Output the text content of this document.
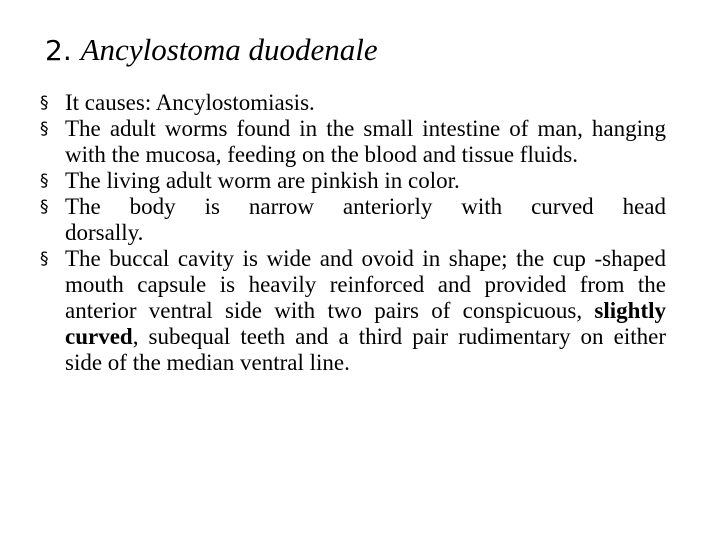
2. Ancylostoma duodenale
§ It causes: Ancylostomiasis.
§ The adult worms found in the small intestine of man, hanging with the mucosa, feeding on the blood and tissue fluids.
§ The living adult worm are pinkish in color.
§ The body is narrow anteriorly with curved head dorsally.
§ The buccal cavity is wide and ovoid in shape; the cup -shaped mouth capsule is heavily reinforced and provided from the anterior ventral side with two pairs of conspicuous, slightly curved, subequal teeth and a third pair rudimentary on either side of the median ventral line.
